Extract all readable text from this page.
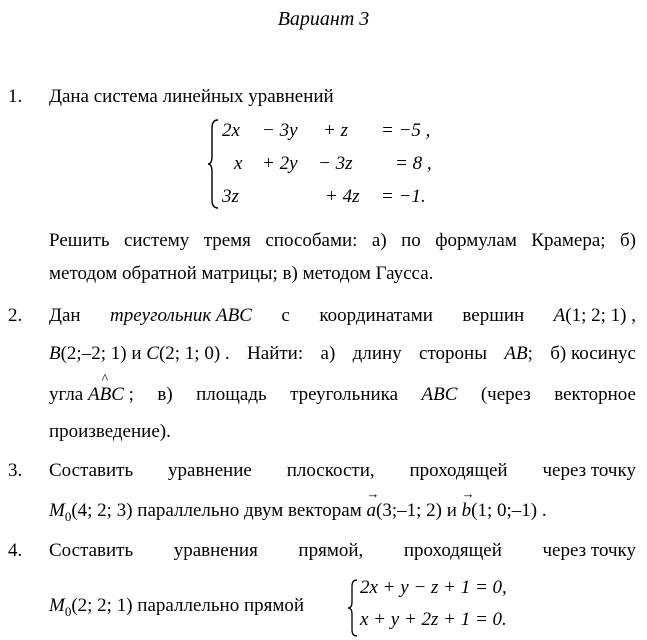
Вариант 3
1. Дана система линейных уравнений
2x − 3y + z = −5 ,
x + 2y − 3z = 8 ,
3z	+ 4z = −1.
Решить систему тремя способами: а) по формулам Крамера; б)
методом обратной матрицы; в) методом Гаусса.
2. Дан треугольник ABC с координатами вершин A(1; 2; 1) ,
B(2;–2; 1) и C(2; 1; 0) . Найти: а) длину стороны AB; б) косинус
угла A^ BC ; в) площадь треугольника ABC (через векторное
произведение).
3. Составить уравнение плоскости, проходящей через точку
$M_0(4$; 2; 3) параллельно двум векторам → a(3;–1; 2) и → b(1; 0;–1) .
4. Составить уравнения прямой, проходящей через точку
$M_0(2$; 2; 1) параллельно прямой
2x + y − z + 1 = 0,
x + y + 2z + 1 = 0.
